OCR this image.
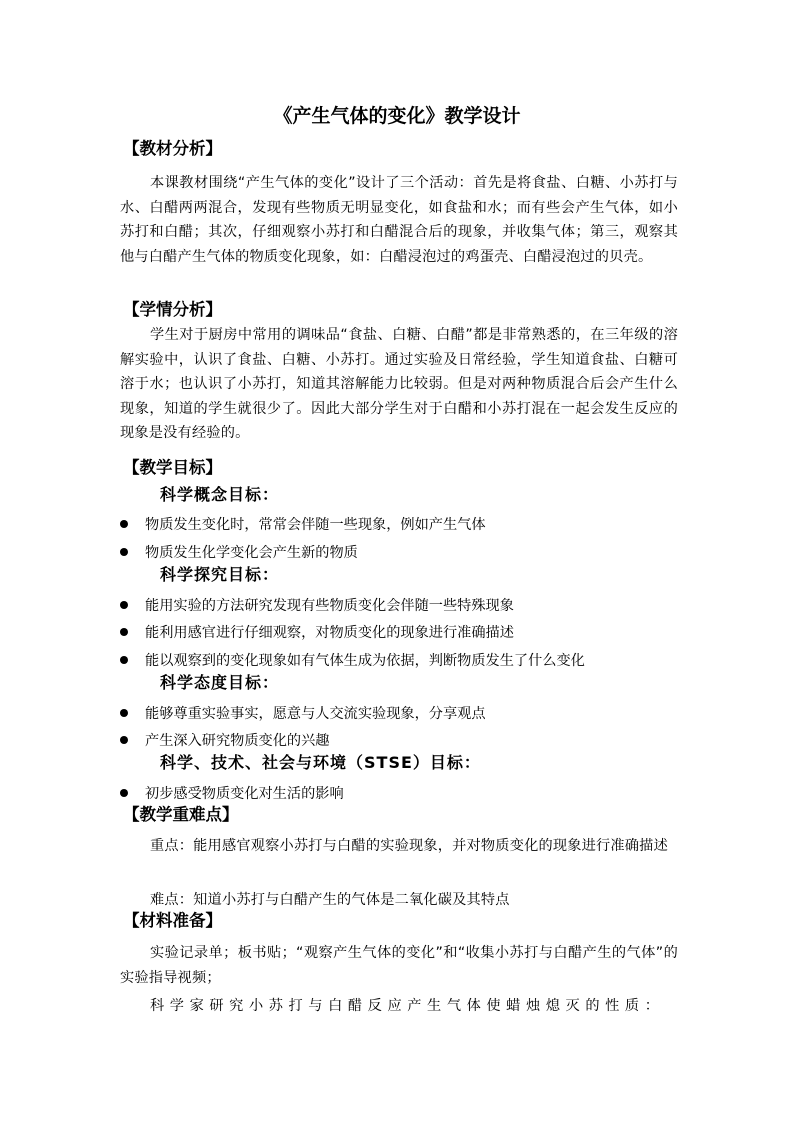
《产生气体的变化》教学设计
【教材分析】

本课教材围绕“产生气体的变化”设计了三个活动：首先是将食盐、白糖、小苏打与水、白醋两两混合，发现有些物质无明显变化，如食盐和水；而有些会产生气体，如小苏打和白醋；其次，仔细观察小苏打和白醋混合后的现象，并收集气体；第三，观察其他与白醋产生气体的物质变化现象，如：白醋浸泡过的鸡蛋壳、白醋浸泡过的贝壳。

【学情分析】

学生对于厨房中常用的调味品“食盐、白糖、白醋”都是非常熟悉的，在三年级的溶解实验中，认识了食盐、白糖、小苏打。通过实验及日常经验，学生知道食盐、白糖可溶于水；也认识了小苏打，知道其溶解能力比较弱。但是对两种物质混合后会产生什么现象，知道的学生就很少了。因此大部分学生对于白醋和小苏打混在一起会发生反应的现象是没有经验的。

【教学目标】
科学概念目标：
物质发生变化时，常常会伴随一些现象，例如产生气体
物质发生化学变化会产生新的物质
科学探究目标：
能用实验的方法研究发现有些物质变化会伴随一些特殊现象
能利用感官进行仔细观察，对物质变化的现象进行准确描述
能以观察到的变化现象如有气体生成为依据，判断物质发生了什么变化
科学态度目标：
能够尊重实验事实，愿意与人交流实验现象，分享观点
产生深入研究物质变化的兴趣
科学、技术、社会与环境（STSE）目标：
初步感受物质变化对生活的影响
【教学重难点】

重点：能用感官观察小苏打与白醋的实验现象，并对物质变化的现象进行准确描述

难点：知道小苏打与白醋产生的气体是二氧化碳及其特点

【材料准备】

实验记录单；板书贴；“观察产生气体的变化”和“收集小苏打与白醋产生的气体”的实验指导视频；

科学家研究小苏打与白醋反应产生气体使蜡烛熄灭的性质：
